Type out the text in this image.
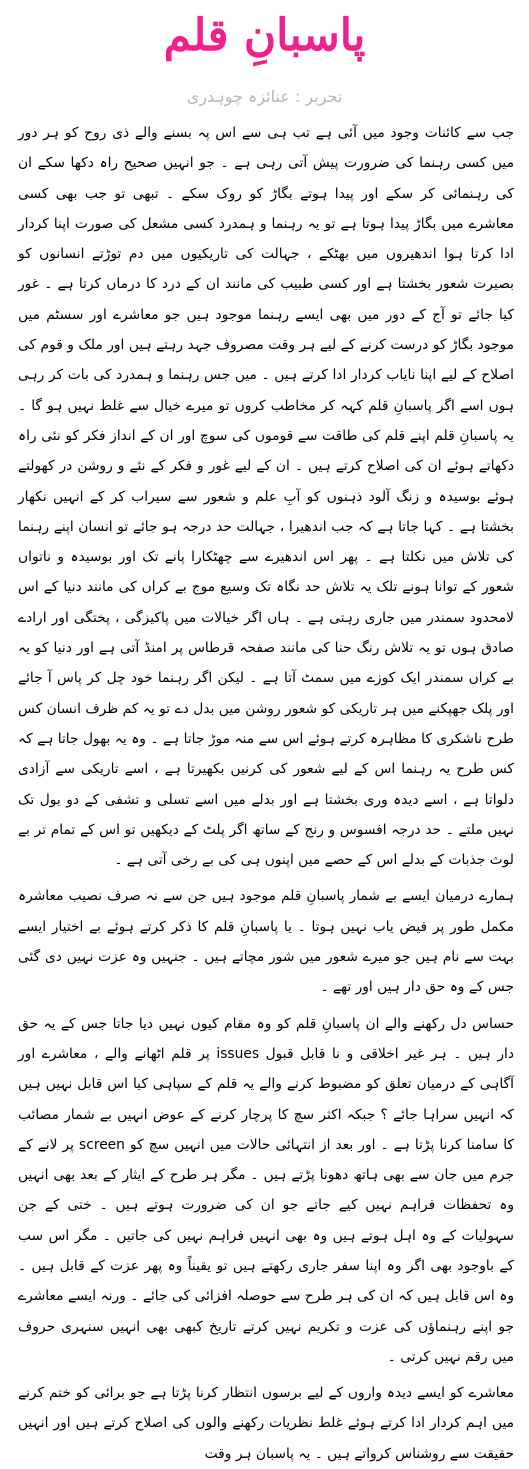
پاسبانِ قلم
تحریر : عنائزہ چوہدری

جب سے کائنات وجود میں آئی ہے تب ہی سے اس پہ بسنے والے ذی روح کو ہر دور میں کسی رہنما کی ضرورت پیش آتی رہی ہے ۔ جو انہیں صحیح راہ دکھا سکے ان کی رہنمائی کر سکے اور پیدا ہوتے بگاڑ کو روک سکے ۔ تبھی تو جب بھی کسی معاشرے میں بگاڑ پیدا ہوتا ہے تو یہ رہنما و ہمدرد کسی مشعل کی صورت اپنا کردار ادا کرتا ہوا اندھیروں میں بھٹکے ، جہالت کی تاریکیوں میں دم توڑتے انسانوں کو بصیرت شعور بخشتا ہے اور کسی طبیب کی مانند ان کے درد کا درماں کرتا ہے ۔ غور کیا جائے تو آج کے دور میں بھی ایسے رہنما موجود ہیں جو معاشرے اور سسٹم میں موجود بگاڑ کو درست کرنے کے لیے ہر وقت مصروف جہد رہتے ہیں اور ملک و قوم کی اصلاح کے لیے اپنا نایاب کردار ادا کرتے ہیں ۔ میں جس رہنما و ہمدرد کی بات کر رہی ہوں اسے اگر پاسبانِ قلم کہہ کر مخاطب کروں تو میرے خیال سے غلط نہیں ہو گا ۔ یہ پاسبانِ قلم اپنے قلم کی طاقت سے قوموں کی سوچ اور ان کے انداز فکر کو نئی راہ دکھاتے ہوئے ان کی اصلاح کرتے ہیں ۔ ان کے لیے غور و فکر کے نئے و روشن در کھولتے ہوئے بوسیدہ و زنگ آلود ذہنوں کو آبِ علم و شعور سے سیراب کر کے انہیں نکھار بخشتا ہے ۔ کہا جاتا ہے کہ جب اندھیرا ، جہالت حد درجہ ہو جائے تو انسان اپنے رہنما کی تلاش میں نکلتا ہے ۔ پھر اس اندھیرے سے چھٹکارا پانے تک اور بوسیدہ و ناتواں شعور کے توانا ہونے تلک یہ تلاش حد نگاہ تک وسیع موج بے کراں کی مانند دنیا کے اس لامحدود سمندر میں جاری رہتی ہے ۔ ہاں اگر خیالات میں پاکیزگی ، پختگی اور ارادے صادق ہوں تو یہ تلاش رنگ حنا کی مانند صفحہ قرطاس پر امنڈ آتی ہے اور دنیا کو یہ بے کراں سمندر ایک کوزے میں سمٹ آتا ہے ۔ لیکن اگر رہنما خود چل کر پاس آ جائے اور پلک جھپکنے میں ہر تاریکی کو شعور روشن میں بدل دے تو یہ کم ظرف انسان کس طرح ناشکری کا مظاہرہ کرتے ہوئے اس سے منہ موڑ جاتا ہے ۔ وہ یہ بھول جاتا ہے کہ کس طرح یہ رہنما اس کے لیے شعور کی کرنیں بکھیرتا ہے ، اسے تاریکی سے آزادی دلواتا ہے ، اسے دیدہ وری بخشتا ہے اور بدلے میں اسے تسلی و تشفی کے دو بول تک نہیں ملتے ۔ حد درجہ افسوس و رنج کے ساتھ اگر پلٹ کے دیکھیں تو اس کے تمام تر بے لوث جذبات کے بدلے اس کے حصے میں اپنوں ہی کی بے رخی آتی ہے ۔

ہمارے درمیان ایسے بے شمار پاسبانِ قلم موجود ہیں جن سے نہ صرف نصیب معاشرہ مکمل طور پر فیض یاب نہیں ہوتا ۔ یا پاسبانِ قلم کا ذکر کرتے ہوئے بے اختیار ایسے بہت سے نام ہیں جو میرے شعور میں شور مچاتے ہیں ۔ جنہیں وہ عزت نہیں دی گئی جس کے وہ حق دار ہیں اور تھے ۔

حساس دل رکھنے والے ان پاسبانِ قلم کو وہ مقام کیوں نہیں دیا جاتا جس کے یہ حق دار ہیں ۔ ہر غیر اخلاقی و نا قابل قبول issues پر قلم اٹھانے والے ، معاشرے اور آگاہی کے درمیان تعلق کو مضبوط کرنے والے یہ قلم کے سپاہی کیا اس قابل نہیں ہیں کہ انہیں سراہا جائے ؟ جبکہ اکثر سچ کا پرچار کرنے کے عوض انہیں بے شمار مصائب کا سامنا کرنا پڑتا ہے ۔ اور بعد از انتہائی حالات میں انہیں سچ کو screen پر لانے کے جرم میں جان سے بھی ہاتھ دھونا پڑتے ہیں ۔ مگر ہر طرح کے ایثار کے بعد بھی انہیں وہ تحفظات فراہم نہیں کیے جاتے جو ان کی ضرورت ہوتے ہیں ۔ ختی کے جن سہولیات کے وہ اہل ہوتے ہیں وہ بھی انہیں فراہم نہیں کی جاتیں ۔ مگر اس سب کے باوجود بھی اگر وہ اپنا سفر جاری رکھتے ہیں تو یقیناً وہ پھر عزت کے قابل ہیں ۔ وہ اس قابل ہیں کہ ان کی ہر طرح سے حوصلہ افزائی کی جائے ۔ ورنہ ایسے معاشرے جو اپنے رہنماؤں کی عزت و تکریم نہیں کرتے تاریخ کبھی بھی انہیں سنہری حروف میں رقم نہیں کرتی ۔

معاشرے کو ایسے دیدہ واروں کے لیے برسوں انتظار کرنا پڑتا ہے جو برائی کو ختم کرنے میں اہم کردار ادا کرتے ہوئے غلط نظریات رکھنے والوں کی اصلاح کرتے ہیں اور انہیں حقیقت سے روشناس کرواتے ہیں ۔ یہ پاسبان ہر وقت
